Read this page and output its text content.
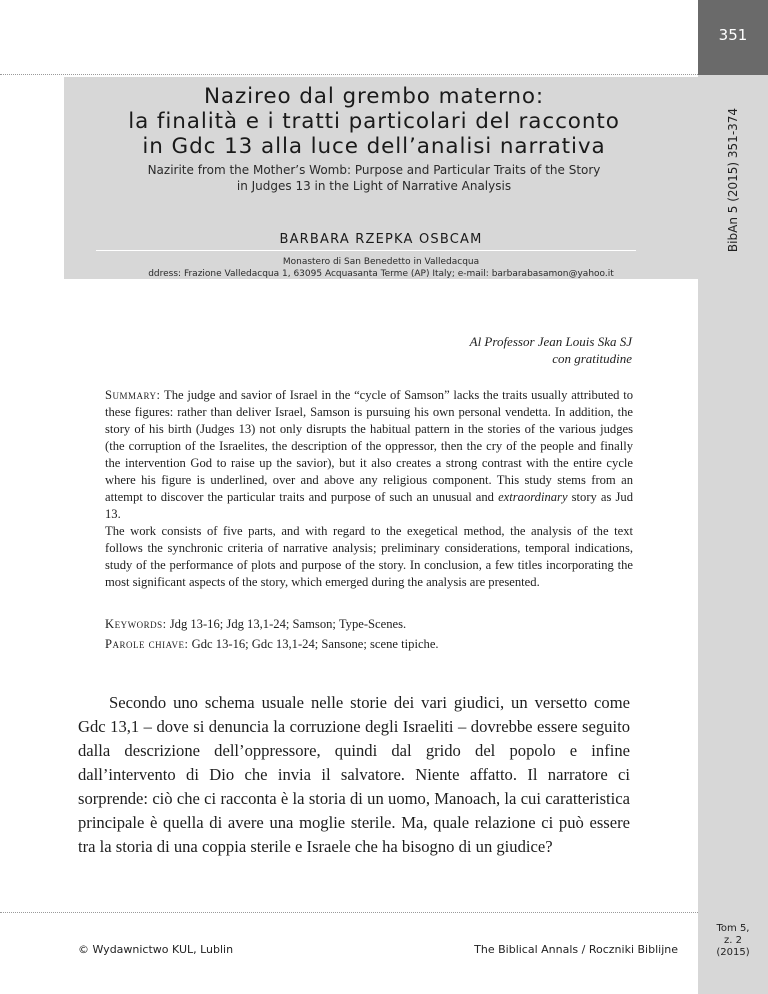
351
BibAn 5 (2015) 351-374
Nazireo dal grembo materno:
la finalità e i tratti particolari del racconto
in Gdc 13 alla luce dell’analisi narrativa
Nazirite from the Mother’s Womb: Purpose and Particular Traits of the Story
in Judges 13 in the Light of Narrative Analysis
BARBARA RZEPKA OSBCAM
Monastero di San Benedetto in Valledacqua
ddress: Frazione Valledacqua 1, 63095 Acquasanta Terme (AP) Italy; e-mail: barbarabasamon@yahoo.it
Al Professor Jean Louis Ska SJ
con gratitudine

Summary: The judge and savior of Israel in the “cycle of Samson” lacks the traits usually attributed to these figures: rather than deliver Israel, Samson is pursuing his own personal vendetta. In addition, the story of his birth (Judges 13) not only disrupts the habitual pattern in the stories of the various judges (the corruption of the Israelites, the description of the oppressor, then the cry of the people and finally the intervention God to raise up the savior), but it also creates a strong contrast with the entire cycle where his figure is underlined, over and above any religious component. This study stems from an attempt to discover the particular traits and purpose of such an unusual and extraordinary story as Jud 13.

The work consists of five parts, and with regard to the exegetical method, the analysis of the text follows the synchronic criteria of narrative analysis; preliminary considerations, temporal indications, study of the performance of plots and purpose of the story. In conclusion, a few titles incorporating the most significant aspects of the story, which emerged during the analysis are presented.

Keywords: Jdg 13-16; Jdg 13,1-24; Samson; Type-Scenes.
Parole chiave: Gdc 13-16; Gdc 13,1-24; Sansone; scene tipiche.

Secondo uno schema usuale nelle storie dei vari giudici, un versetto come Gdc 13,1 – dove si denuncia la corruzione degli Israeliti – dovrebbe essere seguito dalla descrizione dell’oppressore, quindi dal grido del popolo e infine dall’intervento di Dio che invia il salvatore. Niente affatto. Il narratore ci sorprende: ciò che ci racconta è la storia di un uomo, Manoach, la cui caratteristica principale è quella di avere una moglie sterile. Ma, quale relazione ci può essere tra la storia di una coppia sterile e Israele che ha bisogno di un giudice?

© Wydawnictwo KUL, Lublin	The Biblical Annals / Roczniki Biblijne
Tom 5,
z. 2
(2015)
